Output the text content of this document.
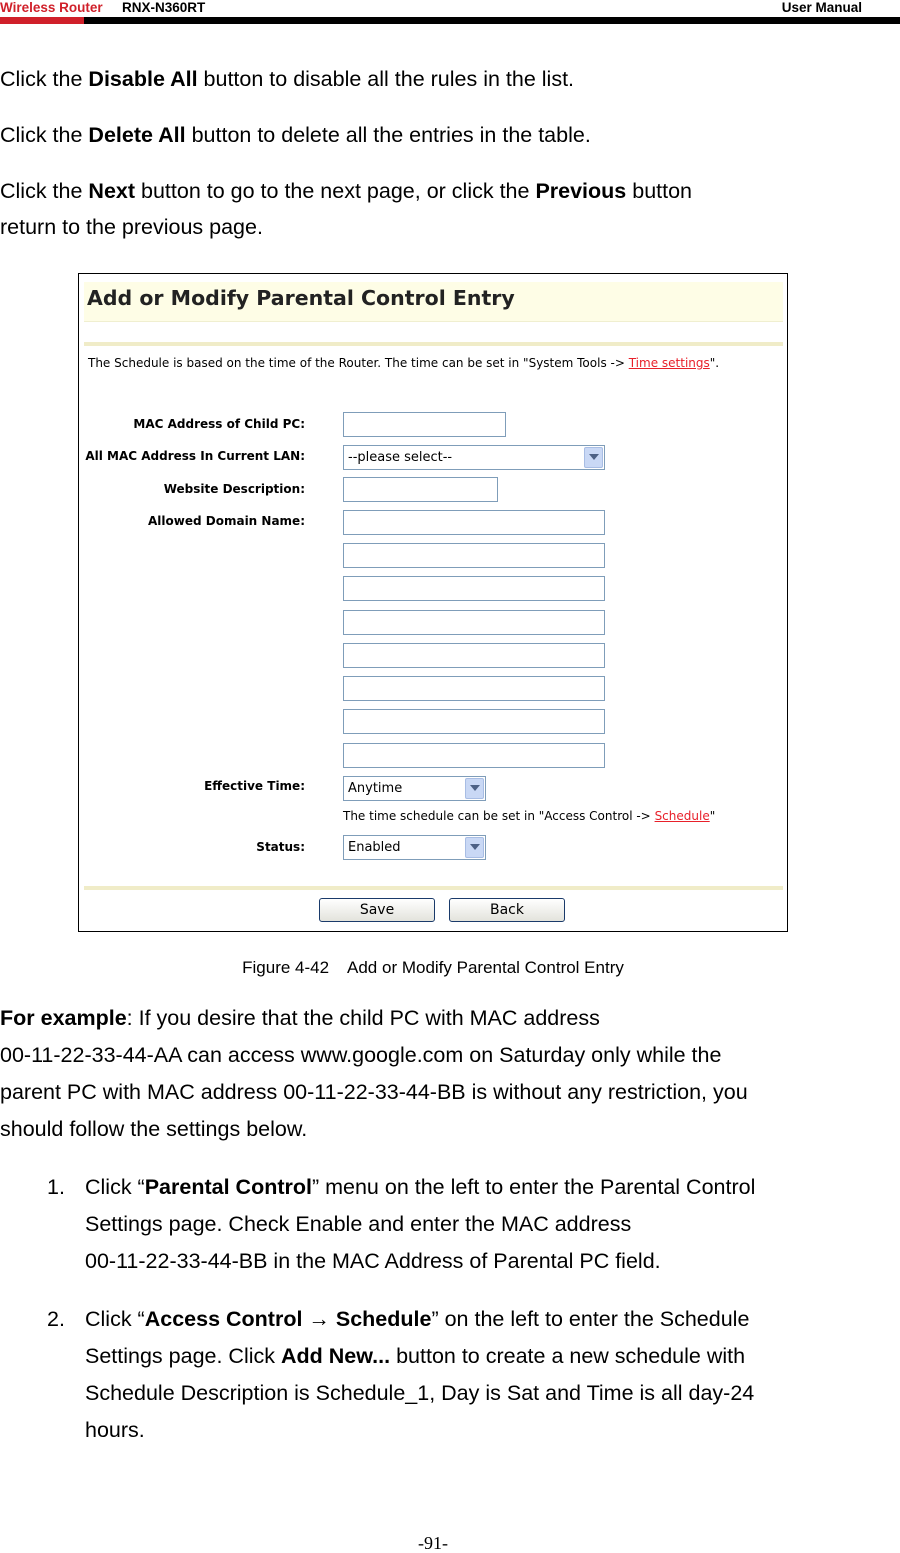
Wireless Router RNX-N360RT	User Manual
Click the Disable All button to disable all the rules in the list.
Click the Delete All button to delete all the entries in the table.
Click the Next button to go to the next page, or click the Previous button
return to the previous page.
Add or Modify Parental Control Entry
The Schedule is based on the time of the Router. The time can be set in "System Tools -> Time settings".
MAC Address of Child PC:
All MAC Address In Current LAN:	--please select--
Website Description:
Allowed Domain Name:
Effective Time:	Anytime
The time schedule can be set in "Access Control -> Schedule"
Status:	Enabled
Save	Back
Figure 4-42    Add or Modify Parental Control Entry
For example: If you desire that the child PC with MAC address
00-11-22-33-44-AA can access www.google.com on Saturday only while the
parent PC with MAC address 00-11-22-33-44-BB is without any restriction, you
should follow the settings below.
1. Click “Parental Control” menu on the left to enter the Parental Control
Settings page. Check Enable and enter the MAC address
00-11-22-33-44-BB in the MAC Address of Parental PC field.
2. Click “Access Control → Schedule” on the left to enter the Schedule
Settings page. Click Add New... button to create a new schedule with
Schedule Description is Schedule_1, Day is Sat and Time is all day-24
hours.
-91-
